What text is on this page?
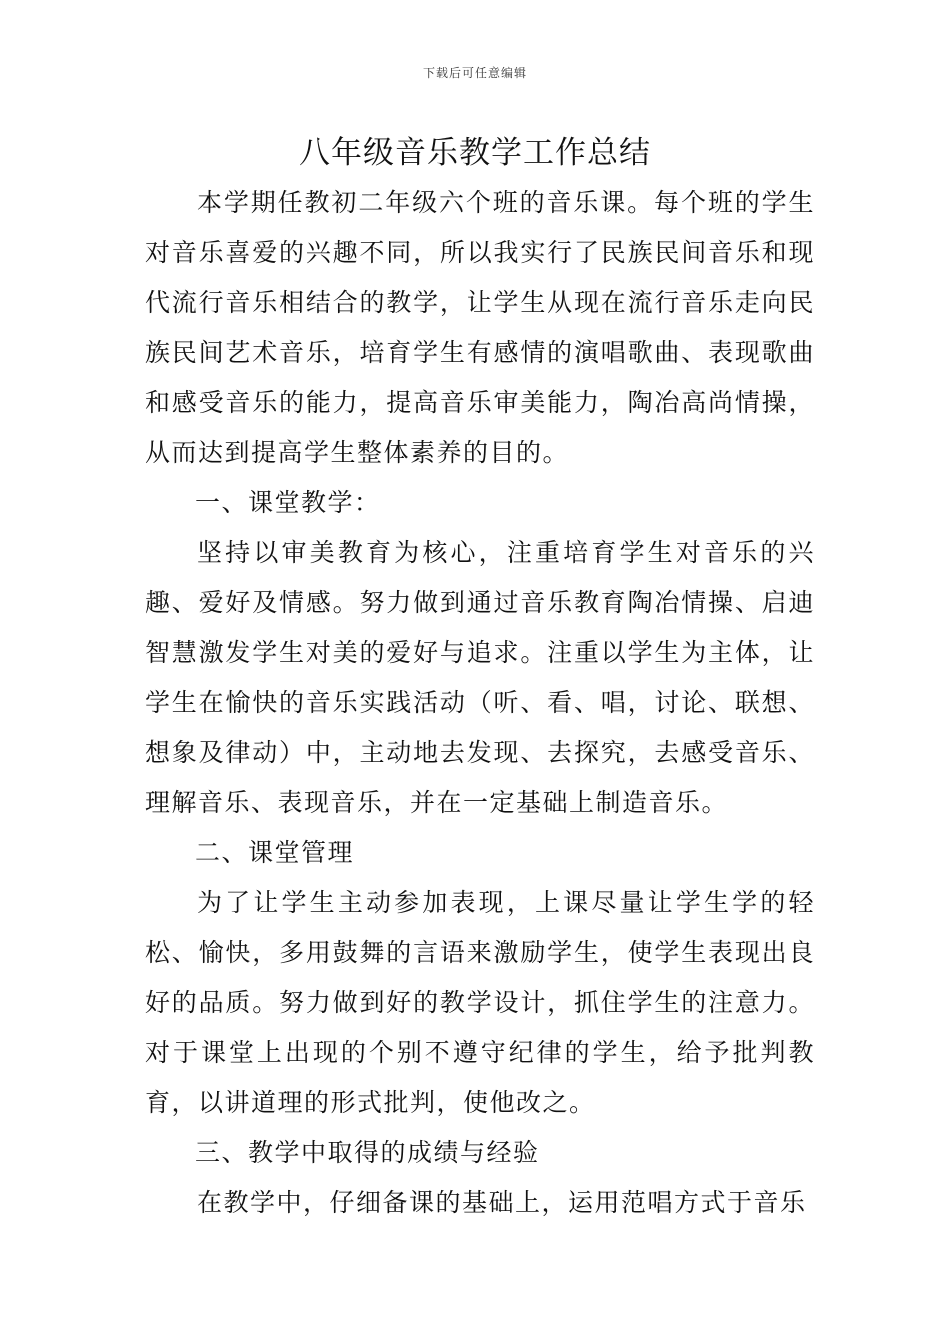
下载后可任意编辑
八年级音乐教学工作总结

本学期任教初二年级六个班的音乐课。每个班的学生对音乐喜爱的兴趣不同，所以我实行了民族民间音乐和现代流行音乐相结合的教学，让学生从现在流行音乐走向民族民间艺术音乐，培育学生有感情的演唱歌曲、表现歌曲和感受音乐的能力，提高音乐审美能力，陶冶高尚情操，从而达到提高学生整体素养的目的。

一、课堂教学：

坚持以审美教育为核心，注重培育学生对音乐的兴趣、爱好及情感。努力做到通过音乐教育陶冶情操、启迪智慧激发学生对美的爱好与追求。注重以学生为主体，让学生在愉快的音乐实践活动（听、看、唱，讨论、联想、想象及律动）中，主动地去发现、去探究，去感受音乐、理解音乐、表现音乐，并在一定基础上制造音乐。

二、课堂管理

为了让学生主动参加表现，上课尽量让学生学的轻松、愉快，多用鼓舞的言语来激励学生，使学生表现出良好的品质。努力做到好的教学设计，抓住学生的注意力。对于课堂上出现的个别不遵守纪律的学生，给予批判教育，以讲道理的形式批判，使他改之。

三、教学中取得的成绩与经验

在教学中，仔细备课的基础上，运用范唱方式于音乐
